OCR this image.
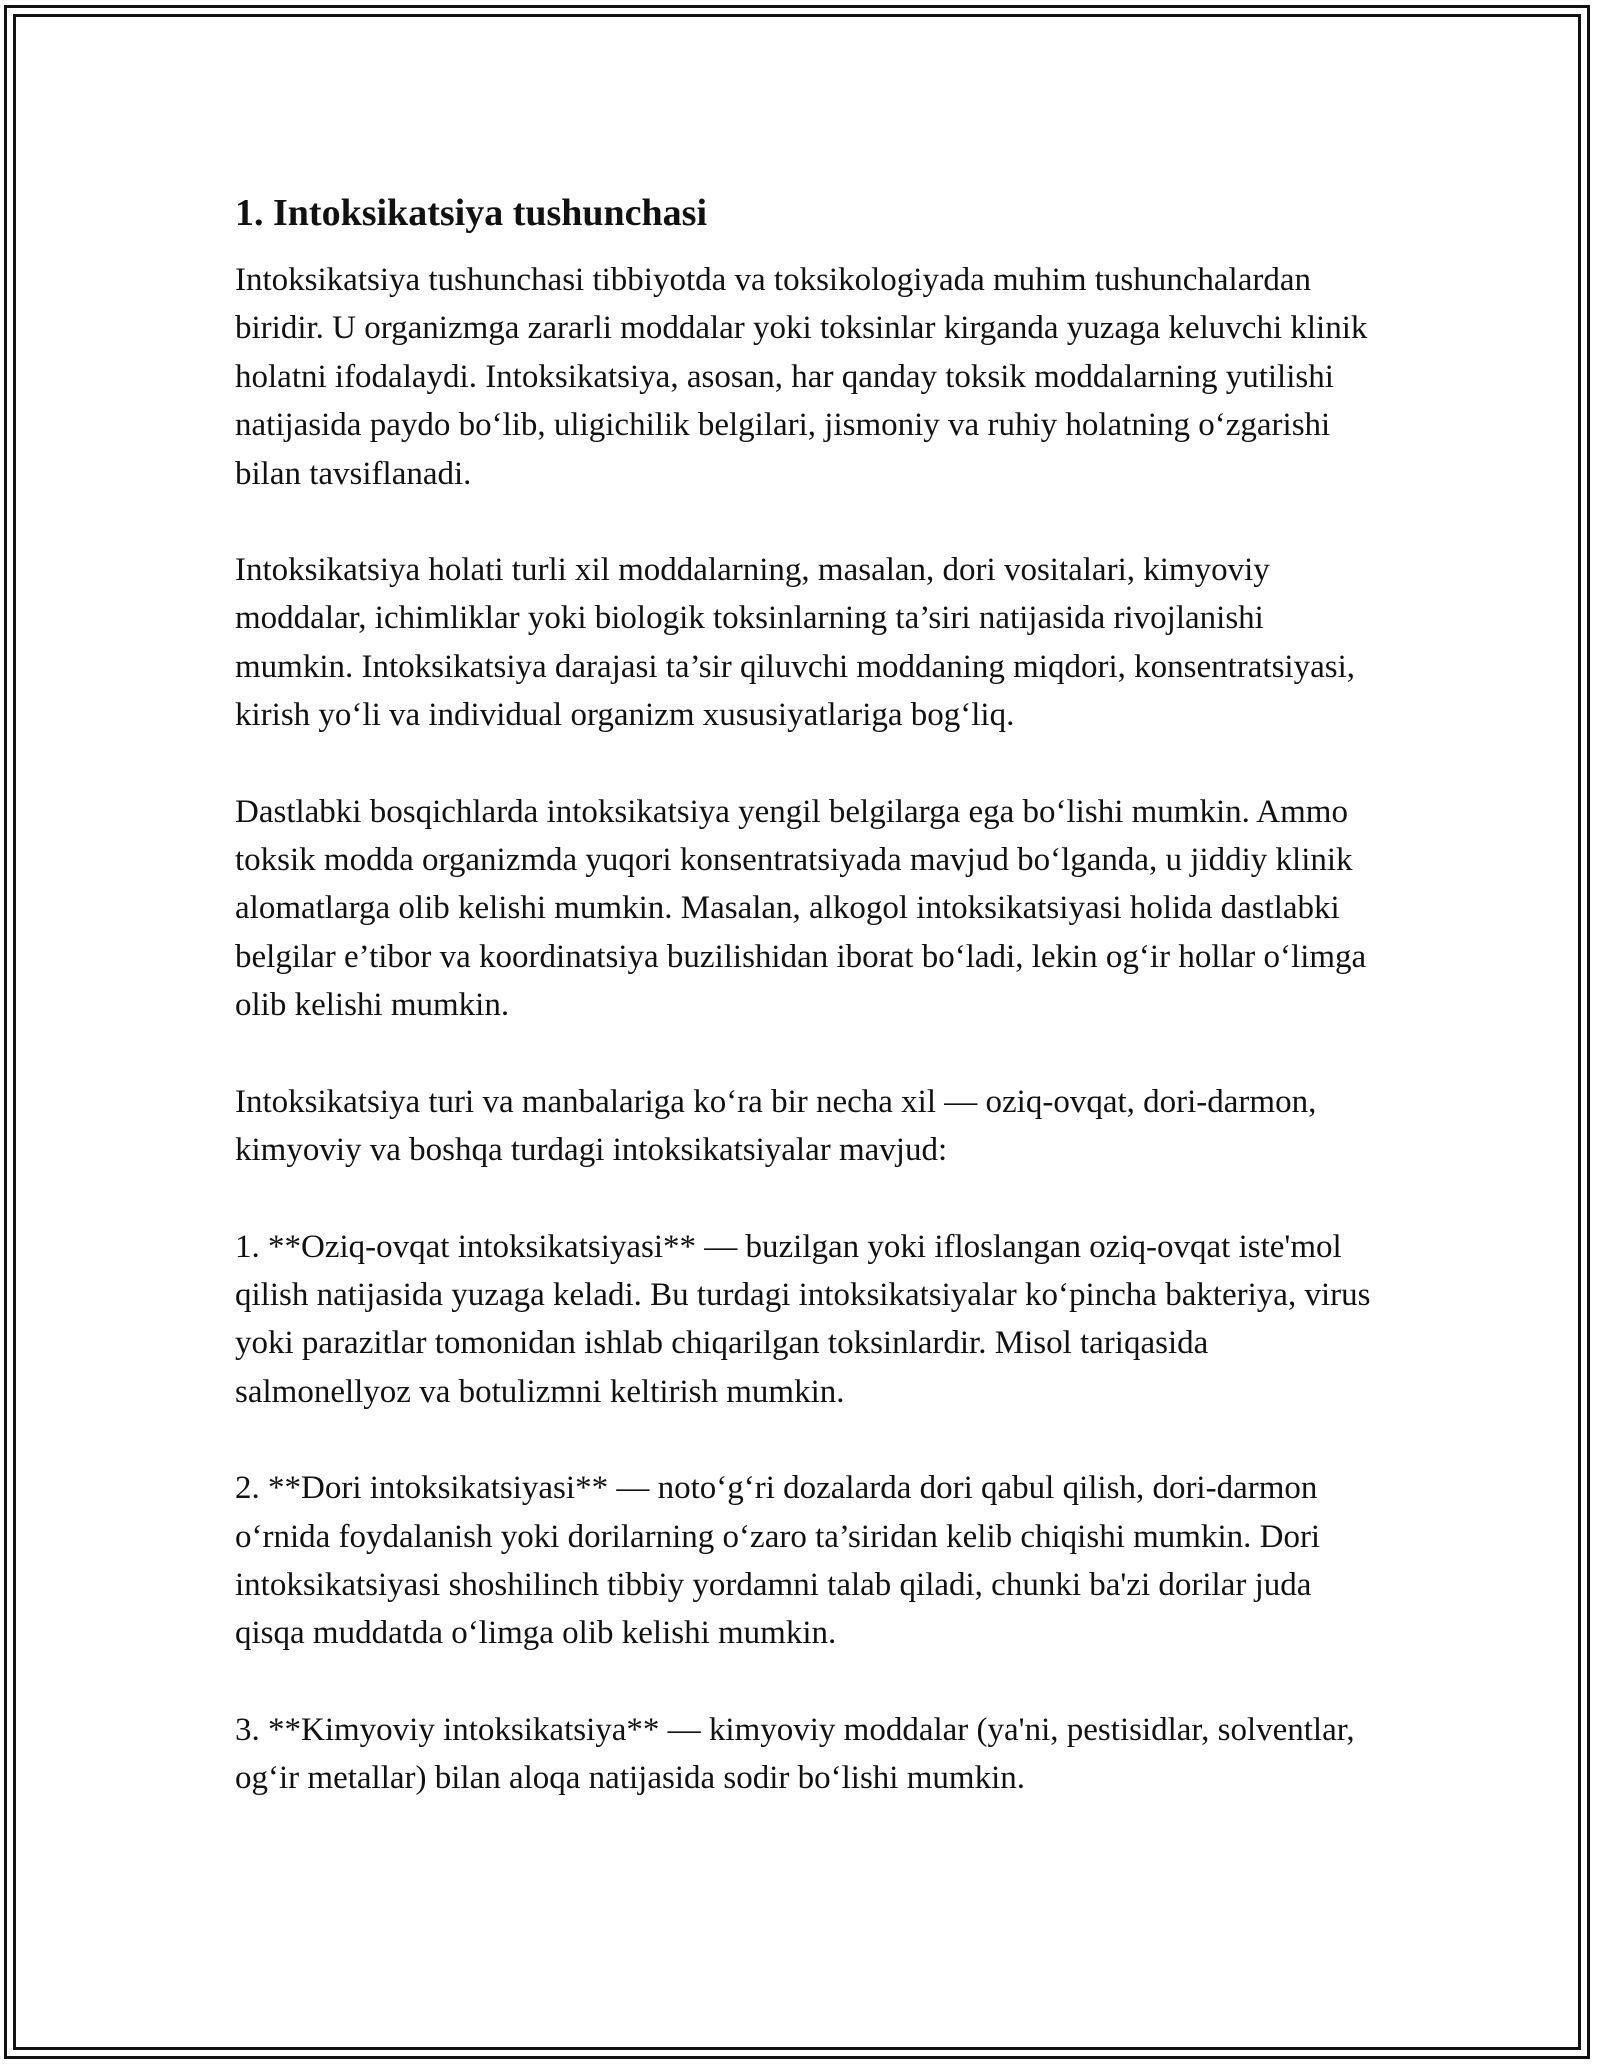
1. Intoksikatsiya tushunchasi

Intoksikatsiya tushunchasi tibbiyotda va toksikologiyada muhim tushunchalardan biridir. U organizmga zararli moddalar yoki toksinlar kirganda yuzaga keluvchi klinik holatni ifodalaydi. Intoksikatsiya, asosan, har qanday toksik moddalarning yutilishi natijasida paydo bo‘lib, uligichilik belgilari, jismoniy va ruhiy holatning o‘zgarishi bilan tavsiflanadi.

Intoksikatsiya holati turli xil moddalarning, masalan, dori vositalari, kimyoviy moddalar, ichimliklar yoki biologik toksinlarning ta’siri natijasida rivojlanishi mumkin. Intoksikatsiya darajasi ta’sir qiluvchi moddaning miqdori, konsentratsiyasi, kirish yo‘li va individual organizm xususiyatlariga bog‘liq.

Dastlabki bosqichlarda intoksikatsiya yengil belgilarga ega bo‘lishi mumkin. Ammo toksik modda organizmda yuqori konsentratsiyada mavjud bo‘lganda, u jiddiy klinik alomatlarga olib kelishi mumkin. Masalan, alkogol intoksikatsiyasi holida dastlabki belgilar e’tibor va koordinatsiya buzilishidan iborat bo‘ladi, lekin og‘ir hollar o‘limga olib kelishi mumkin.

Intoksikatsiya turi va manbalariga ko‘ra bir necha xil — oziq-ovqat, dori-darmon, kimyoviy va boshqa turdagi intoksikatsiyalar mavjud:

1. **Oziq-ovqat intoksikatsiyasi** — buzilgan yoki ifloslangan oziq-ovqat iste'mol qilish natijasida yuzaga keladi. Bu turdagi intoksikatsiyalar ko‘pincha bakteriya, virus yoki parazitlar tomonidan ishlab chiqarilgan toksinlardir. Misol tariqasida salmonellyoz va botulizmni keltirish mumkin.

2. **Dori intoksikatsiyasi** — noto‘g‘ri dozalarda dori qabul qilish, dori-darmon o‘rnida foydalanish yoki dorilarning o‘zaro ta’siridan kelib chiqishi mumkin. Dori intoksikatsiyasi shoshilinch tibbiy yordamni talab qiladi, chunki ba'zi dorilar juda qisqa muddatda o‘limga olib kelishi mumkin.

3. **Kimyoviy intoksikatsiya** — kimyoviy moddalar (ya'ni, pestisidlar, solventlar, og‘ir metallar) bilan aloqa natijasida sodir bo‘lishi mumkin.
